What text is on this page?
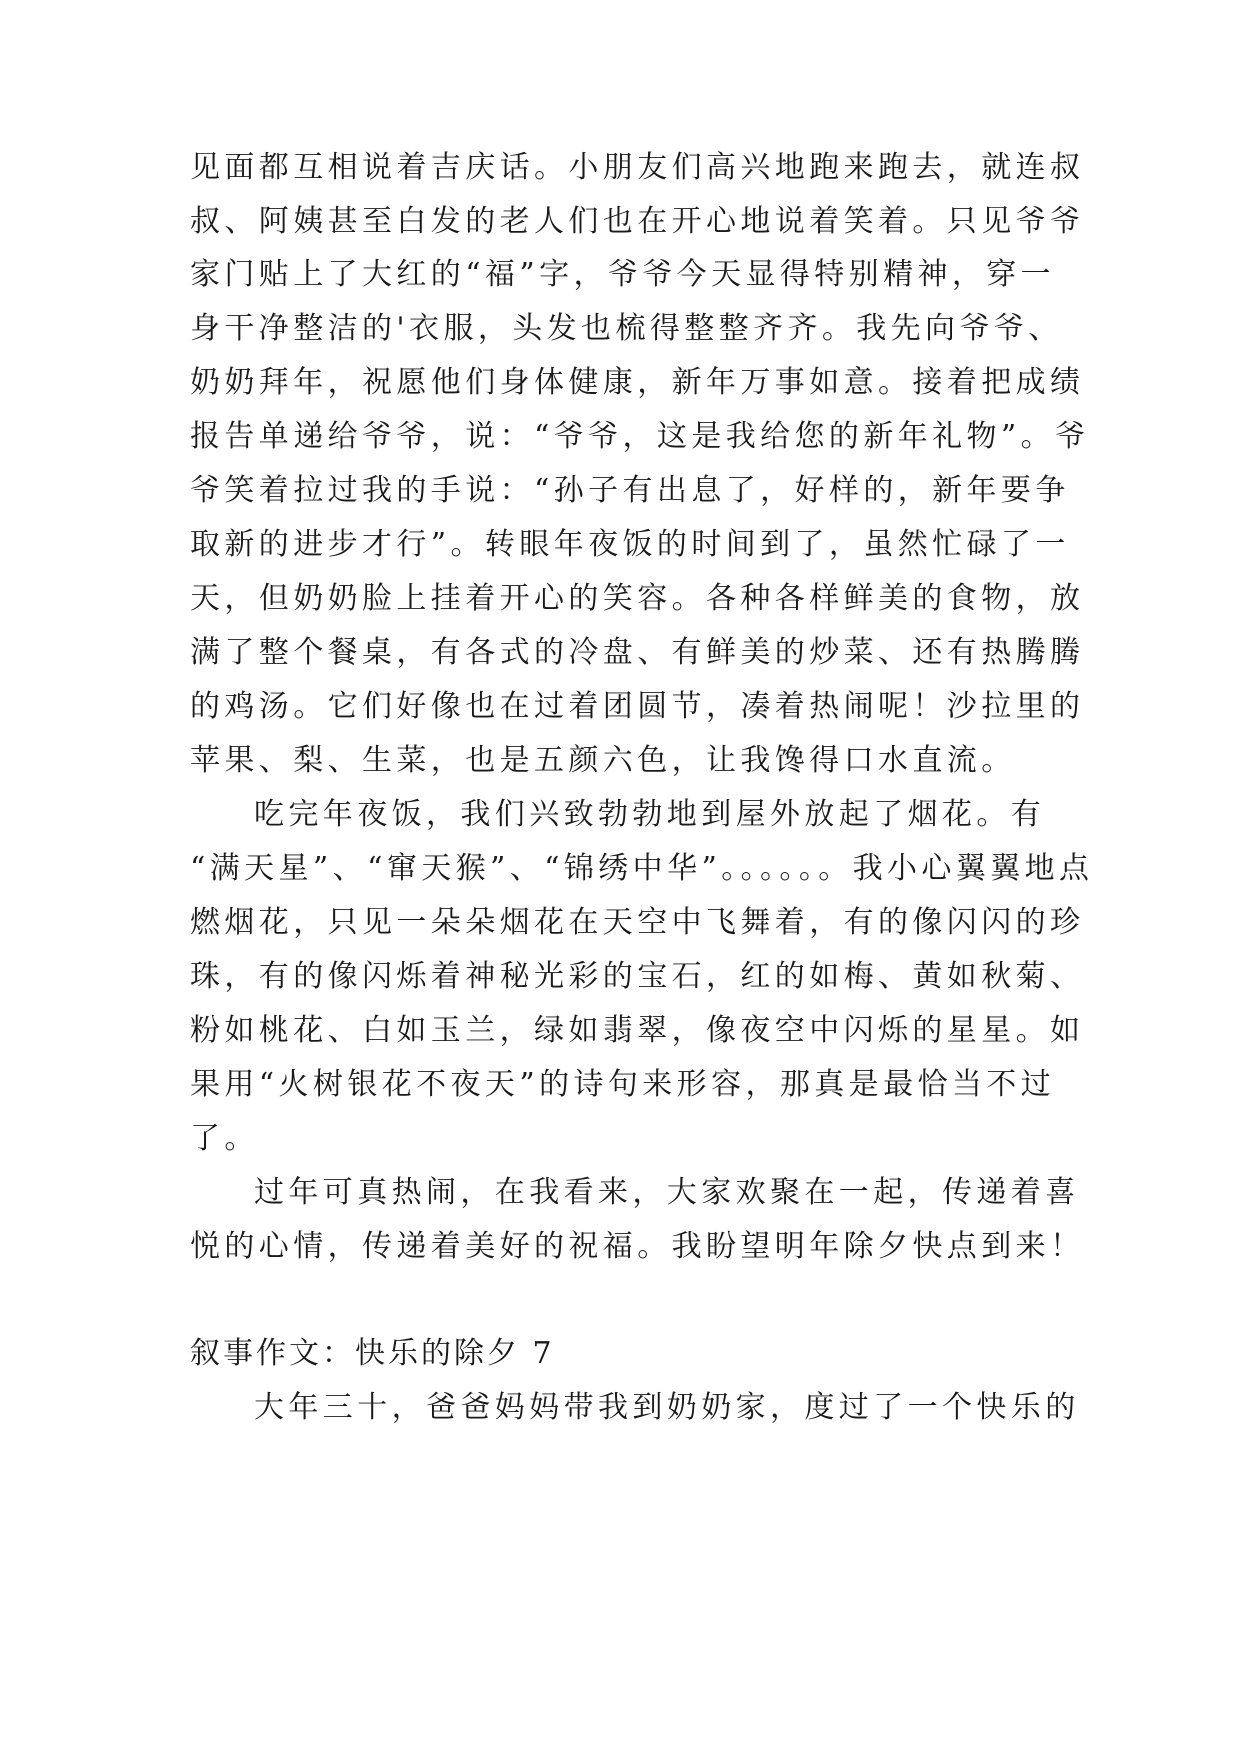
见面都互相说着吉庆话。小朋友们高兴地跑来跑去，就连叔
叔、阿姨甚至白发的老人们也在开心地说着笑着。只见爷爷
家门贴上了大红的“福”字，爷爷今天显得特别精神，穿一
身干净整洁的'衣服，头发也梳得整整齐齐。我先向爷爷、
奶奶拜年，祝愿他们身体健康，新年万事如意。接着把成绩
报告单递给爷爷，说：“爷爷，这是我给您的新年礼物”。爷
爷笑着拉过我的手说：“孙子有出息了，好样的，新年要争
取新的进步才行”。转眼年夜饭的时间到了，虽然忙碌了一
天，但奶奶脸上挂着开心的笑容。各种各样鲜美的食物，放
满了整个餐桌，有各式的冷盘、有鲜美的炒菜、还有热腾腾
的鸡汤。它们好像也在过着团圆节，凑着热闹呢！沙拉里的
苹果、梨、生菜，也是五颜六色，让我馋得口水直流。
吃完年夜饭，我们兴致勃勃地到屋外放起了烟花。有
“满天星”、“窜天猴”、“锦绣中华”。。。。。。我小心翼翼地点
燃烟花，只见一朵朵烟花在天空中飞舞着，有的像闪闪的珍
珠，有的像闪烁着神秘光彩的宝石，红的如梅、黄如秋菊、
粉如桃花、白如玉兰，绿如翡翠，像夜空中闪烁的星星。如
果用“火树银花不夜天”的诗句来形容，那真是最恰当不过
了。
过年可真热闹，在我看来，大家欢聚在一起，传递着喜
悦的心情，传递着美好的祝福。我盼望明年除夕快点到来！
叙事作文：快乐的除夕 7
大年三十，爸爸妈妈带我到奶奶家，度过了一个快乐的
